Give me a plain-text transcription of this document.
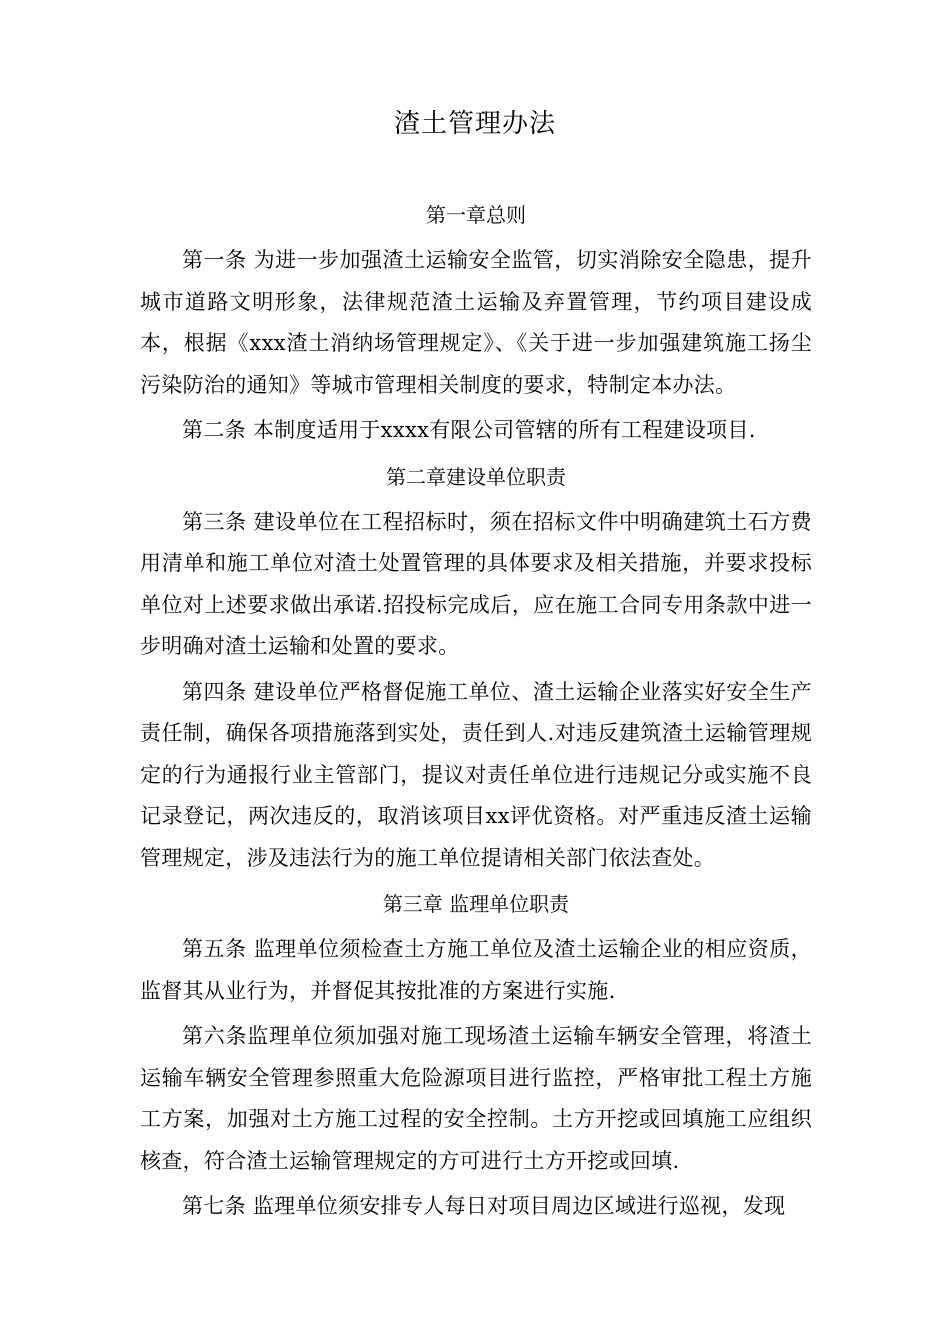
渣土管理办法
第一章总则

第一条 为进一步加强渣土运输安全监管，切实消除安全隐患，提升城市道路文明形象，法律规范渣土运输及弃置管理，节约项目建设成本，根据《xxx渣土消纳场管理规定》、《关于进一步加强建筑施工扬尘污染防治的通知》等城市管理相关制度的要求，特制定本办法。

第二条 本制度适用于xxxx有限公司管辖的所有工程建设项目.

第二章建设单位职责

第三条 建设单位在工程招标时，须在招标文件中明确建筑土石方费用清单和施工单位对渣土处置管理的具体要求及相关措施，并要求投标单位对上述要求做出承诺.招投标完成后，应在施工合同专用条款中进一步明确对渣土运输和处置的要求。

第四条 建设单位严格督促施工单位、渣土运输企业落实好安全生产责任制，确保各项措施落到实处，责任到人.对违反建筑渣土运输管理规定的行为通报行业主管部门，提议对责任单位进行违规记分或实施不良记录登记，两次违反的，取消该项目xx评优资格。对严重违反渣土运输管理规定，涉及违法行为的施工单位提请相关部门依法查处。

第三章 监理单位职责

第五条 监理单位须检查土方施工单位及渣土运输企业的相应资质，监督其从业行为，并督促其按批准的方案进行实施.

第六条监理单位须加强对施工现场渣土运输车辆安全管理，将渣土运输车辆安全管理参照重大危险源项目进行监控，严格审批工程土方施工方案，加强对土方施工过程的安全控制。土方开挖或回填施工应组织核查，符合渣土运输管理规定的方可进行土方开挖或回填.

第七条 监理单位须安排专人每日对项目周边区域进行巡视，发现
